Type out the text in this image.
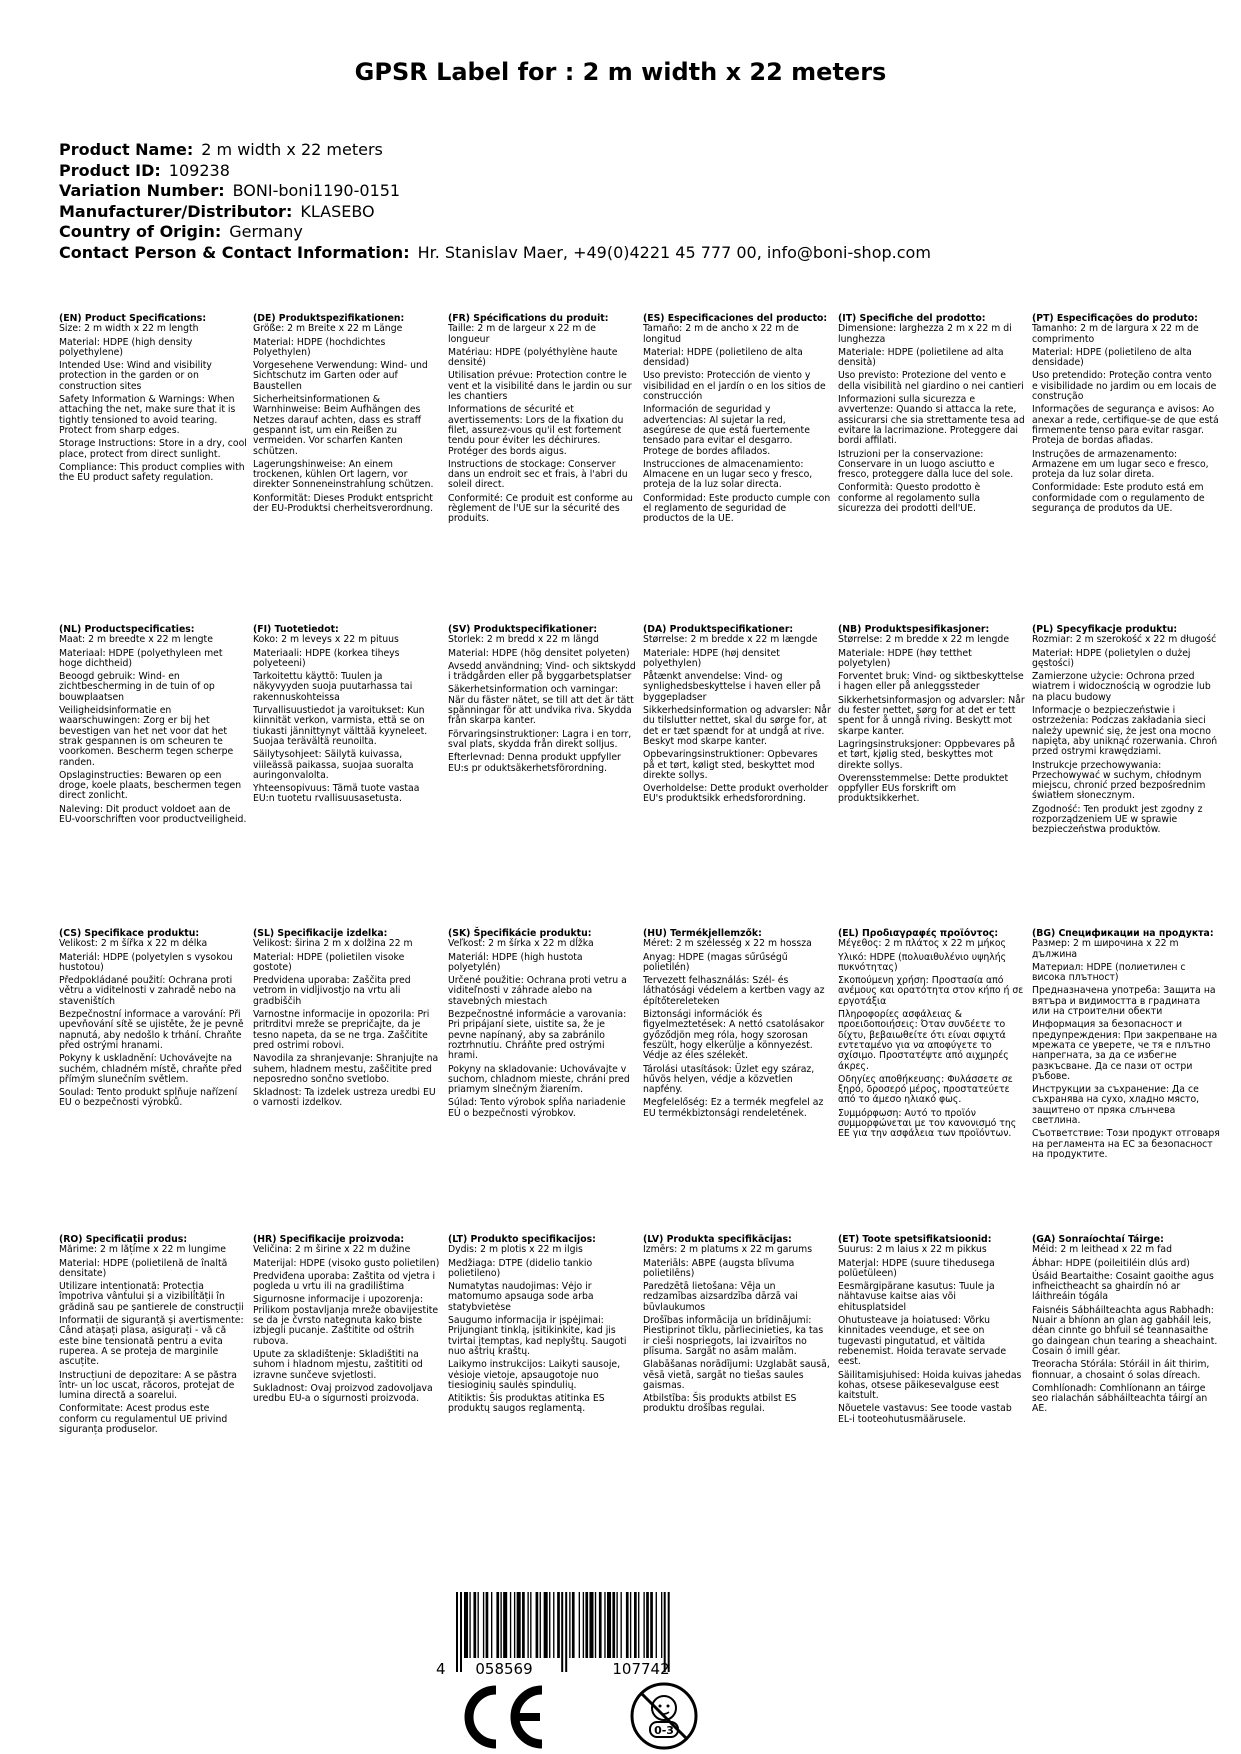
GPSR Label for : 2 m width x 22 meters
Product Name: 2 m width x 22 meters
Product ID: 109238
Variation Number: BONI-boni1190-0151
Manufacturer/Distributor: KLASEBO
Country of Origin: Germany
Contact Person & Contact Information: Hr. Stanislav Maer, +49(0)4221 45 777 00, info@boni-shop.com
(EN) Product Specifications:
Size: 2 m width x 22 m length
Material: HDPE (high density polyethylene)
Intended Use: Wind and visibility protection in the garden or on construction sites
Safety Information & Warnings: When attaching the net, make sure that it is tightly tensioned to avoid tearing. Protect from sharp edges.
Storage Instructions: Store in a dry, cool place, protect from direct sunlight.
Compliance: This product complies with the EU product safety regulation.
(DE) Produktspezifikationen:
Größe: 2 m Breite x 22 m Länge
Material: HDPE (hochdichtes Polyethylen)
Vorgesehene Verwendung: Wind- und Sichtschutz im Garten oder auf Baustellen
Sicherheitsinformationen & Warnhinweise: Beim Aufhängen des Netzes darauf achten, dass es straff gespannt ist, um ein Reißen zu vermeiden. Vor scharfen Kanten schützen.
Lagerungshinweise: An einem trockenen, kühlen Ort lagern, vor direkter Sonneneinstrahlung schützen.
Konformität: Dieses Produkt entspricht der EU-Produktsi cherheitsverordnung.
(FR) Spécifications du produit:
Taille: 2 m de largeur x 22 m de longueur
Matériau: HDPE (polyéthylène haute densité)
Utilisation prévue: Protection contre le vent et la visibilité dans le jardin ou sur les chantiers
Informations de sécurité et avertissements: Lors de la fixation du filet, assurez-vous qu'il est fortement tendu pour éviter les déchirures. Protéger des bords aigus.
Instructions de stockage: Conserver dans un endroit sec et frais, à l'abri du soleil direct.
Conformité: Ce produit est conforme au règlement de l'UE sur la sécurité des produits.
(ES) Especificaciones del producto:
Tamaño: 2 m de ancho x 22 m de longitud
Material: HDPE (polietileno de alta densidad)
Uso previsto: Protección de viento y visibilidad en el jardín o en los sitios de construcción
Información de seguridad y advertencias: Al sujetar la red, asegúrese de que está fuertemente tensado para evitar el desgarro. Protege de bordes afilados.
Instrucciones de almacenamiento: Almacene en un lugar seco y fresco, proteja de la luz solar directa.
Conformidad: Este producto cumple con el reglamento de seguridad de productos de la UE.
(IT) Specifiche del prodotto:
Dimensione: larghezza 2 m x 22 m di lunghezza
Materiale: HDPE (polietilene ad alta densità)
Uso previsto: Protezione del vento e della visibilità nel giardino o nei cantieri
Informazioni sulla sicurezza e avvertenze: Quando si attacca la rete, assicurarsi che sia strettamente tesa ad evitare la lacrimazione. Proteggere dai bordi affilati.
Istruzioni per la conservazione: Conservare in un luogo asciutto e fresco, proteggere dalla luce del sole.
Conformità: Questo prodotto è conforme al regolamento sulla sicurezza dei prodotti dell'UE.
(PT) Especificações do produto:
Tamanho: 2 m de largura x 22 m de comprimento
Material: HDPE (polietileno de alta densidade)
Uso pretendido: Proteção contra vento e visibilidade no jardim ou em locais de construção
Informações de segurança e avisos: Ao anexar a rede, certifique-se de que está firmemente tenso para evitar rasgar. Proteja de bordas afiadas.
Instruções de armazenamento: Armazene em um lugar seco e fresco, proteja da luz solar direta.
Conformidade: Este produto está em conformidade com o regulamento de segurança de produtos da UE.
(NL) Productspecificaties:
Maat: 2 m breedte x 22 m lengte
Materiaal: HDPE (polyethyleen met hoge dichtheid)
Beoogd gebruik: Wind- en zichtbescherming in de tuin of op bouwplaatsen
Veiligheidsinformatie en waarschuwingen: Zorg er bij het bevestigen van het net voor dat het strak gespannen is om scheuren te voorkomen. Bescherm tegen scherpe randen.
Opslaginstructies: Bewaren op een droge, koele plaats, beschermen tegen direct zonlicht.
Naleving: Dit product voldoet aan de EU-voorschriften voor productveiligheid.
(FI) Tuotetiedot:
Koko: 2 m leveys x 22 m pituus
Materiaali: HDPE (korkea tiheys polyeteeni)
Tarkoitettu käyttö: Tuulen ja näkyvyyden suoja puutarhassa tai rakennuskohteissa
Turvallisuustiedot ja varoitukset: Kun kiinnität verkon, varmista, että se on tiukasti jännittynyt välttää kyyneleet. Suojaa terävältä reunoilta.
Säilytysohjeet: Säilytä kuivassa, viileässä paikassa, suojaa suoralta auringonvalolta.
Yhteensopivuus: Tämä tuote vastaa EU:n tuotetu rvallisuusasetusta.
(SV) Produktspecifikationer:
Storlek: 2 m bredd x 22 m längd
Material: HDPE (hög densitet polyeten)
Avsedd användning: Vind- och siktskydd i trädgården eller på byggarbetsplatser
Säkerhetsinformation och varningar: När du fäster nätet, se till att det är tätt spänningar för att undvika riva. Skydda från skarpa kanter.
Förvaringsinstruktioner: Lagra i en torr, sval plats, skydda från direkt solljus.
Efterlevnad: Denna produkt uppfyller EU:s pr oduktsäkerhetsförordning.
(DA) Produktspecifikationer:
Størrelse: 2 m bredde x 22 m længde
Materiale: HDPE (høj densitet polyethylen)
Påtænkt anvendelse: Vind- og synlighedsbeskyttelse i haven eller på byggepladser
Sikkerhedsinformation og advarsler: Når du tilslutter nettet, skal du sørge for, at det er tæt spændt for at undgå at rive. Beskyt mod skarpe kanter.
Opbevaringsinstruktioner: Opbevares på et tørt, køligt sted, beskyttet mod direkte sollys.
Overholdelse: Dette produkt overholder EU's produktsikk erhedsforordning.
(NB) Produktspesifikasjoner:
Størrelse: 2 m bredde x 22 m lengde
Materiale: HDPE (høy tetthet polyetylen)
Forventet bruk: Vind- og siktbeskyttelse i hagen eller på anleggssteder
Sikkerhetsinformasjon og advarsler: Når du fester nettet, sørg for at det er tett spent for å unngå riving. Beskytt mot skarpe kanter.
Lagringsinstruksjoner: Oppbevares på et tørt, kjølig sted, beskyttes mot direkte sollys.
Overensstemmelse: Dette produktet oppfyller EUs forskrift om produktsikkerhet.
(PL) Specyfikacje produktu:
Rozmiar: 2 m szerokość x 22 m długość
Materiał: HDPE (polietylen o dużej gęstości)
Zamierzone użycie: Ochrona przed wiatrem i widocznością w ogrodzie lub na placu budowy
Informacje o bezpieczeństwie i ostrzeżenia: Podczas zakładania sieci należy upewnić się, że jest ona mocno napięta, aby uniknąć rozerwania. Chroń przed ostrymi krawędziami.
Instrukcje przechowywania: Przechowywać w suchym, chłodnym miejscu, chronić przed bezpośrednim światłem słonecznym.
Zgodność: Ten produkt jest zgodny z rozporządzeniem UE w sprawie bezpieczeństwa produktów.
(CS) Specifikace produktu:
Velikost: 2 m šířka x 22 m délka
Materiál: HDPE (polyetylen s vysokou hustotou)
Předpokládané použití: Ochrana proti větru a viditelnosti v zahradě nebo na staveništích
Bezpečnostní informace a varování: Při upevňování sítě se ujistěte, že je pevně napnutá, aby nedošlo k trhání. Chraňte před ostrými hranami.
Pokyny k uskladnění: Uchovávejte na suchém, chladném místě, chraňte před přímým slunečním světlem.
Soulad: Tento produkt splňuje nařízení EU o bezpečnosti výrobků.
(SL) Specifikacije izdelka:
Velikost: širina 2 m x dolžina 22 m
Material: HDPE (polietilen visoke gostote)
Predvidena uporaba: Zaščita pred vetrom in vidljivostjo na vrtu ali gradbiščih
Varnostne informacije in opozorila: Pri pritrditvi mreže se prepričajte, da je tesno napeta, da se ne trga. Zaščitite pred ostrimi robovi.
Navodila za shranjevanje: Shranjujte na suhem, hladnem mestu, zaščitite pred neposredno sončno svetlobo.
Skladnost: Ta izdelek ustreza uredbi EU o varnosti izdelkov.
(SK) Špecifikácie produktu:
Veľkosť: 2 m šírka x 22 m dĺžka
Materiál: HDPE (high hustota polyetylén)
Určené použitie: Ochrana proti vetru a viditeľnosti v záhrade alebo na stavebných miestach
Bezpečnostné informácie a varovania: Pri pripájaní siete, uistite sa, že je pevne napínaný, aby sa zabránilo roztrhnutiu. Chráňte pred ostrými hrami.
Pokyny na skladovanie: Uchovávajte v suchom, chladnom mieste, chráni pred priamym slnečným žiarením.
Súlad: Tento výrobok spĺňa nariadenie EÚ o bezpečnosti výrobkov.
(HU) Termékjellemzők:
Méret: 2 m szélesség x 22 m hossza
Anyag: HDPE (magas sűrűségű polietilén)
Tervezett felhasználás: Szél- és láthatósági védelem a kertben vagy az építőtereleteken
Biztonsági információk és figyelmeztetések: A nettó csatolásakor győződjön meg róla, hogy szorosan feszült, hogy elkerülje a könnyezést. Védje az éles szélekét.
Tárolási utasítások: Üzlet egy száraz, hűvös helyen, védje a közvetlen napfény.
Megfelelőség: Ez a termék megfelel az EU termékbiztonsági rendeletének.
(EL) Προδιαγραφές προϊόντος:
Μέγεθος: 2 m πλάτος x 22 m μήκος
Υλικό: HDPE (πολυαιθυλένιο υψηλής πυκνότητας)
Σκοπούμενη χρήση: Προστασία από ανέμους και ορατότητα στον κήπο ή σε εργοτάξια
Πληροφορίες ασφάλειας & προειδοποιήσεις: Όταν συνδέετε το δίχτυ, βεβαιωθείτε ότι είναι σφιχτά εντεταμένο για να αποφύγετε το σχίσιμο. Προστατέψτε από αιχμηρές άκρες.
Οδηγίες αποθήκευσης: Φυλάσσετε σε ξηρό, δροσερό μέρος, προστατεύετε από το άμεσο ηλιακό φως.
Συμμόρφωση: Αυτό το προϊόν συμμορφώνεται με τον κανονισμό της ΕΕ για την ασφάλεια των προϊόντων.
(BG) Спецификации на продукта:
Размер: 2 m широчина x 22 m дължина
Материал: HDPE (полиетилен с висока плътност)
Предназначена употреба: Защита на вятъра и видимостта в градината или на строителни обекти
Информация за безопасност и предупреждения: При закрепване на мрежата се уверете, че тя е плътно напрегната, за да се избегне разкъсване. Да се пази от остри ръбове.
Инструкции за съхранение: Да се съхранява на сухо, хладно място, защитено от пряка слънчева светлина.
Съответствие: Този продукт отговаря на регламента на ЕС за безопасност на продуктите.
(RO) Specificații produs:
Mărime: 2 m lățime x 22 m lungime
Material: HDPE (polietilenă de înaltă densitate)
Utilizare intenționată: Protecția împotriva vântului și a vizibilității în grădină sau pe șantierele de construcții
Informații de siguranță și avertismente: Când atașați plasa, asigurați - vă că este bine tensionată pentru a evita ruperea. A se proteja de marginile ascuțite.
Instrucțiuni de depozitare: A se păstra într- un loc uscat, răcoros, protejat de lumina directă a soarelui.
Conformitate: Acest produs este conform cu regulamentul UE privind siguranța produselor.
(HR) Specifikacije proizvoda:
Veličina: 2 m širine x 22 m dužine
Materijal: HDPE (visoko gusto polietilen)
Predviđena uporaba: Zaštita od vjetra i pogleda u vrtu ili na gradilištima
Sigurnosne informacije i upozorenja: Prilikom postavljanja mreže obavijestite se da je čvrsto nategnuta kako biste izbjegli pucanje. Zaštitite od oštrih rubova.
Upute za skladištenje: Skladištiti na suhom i hladnom mjestu, zaštititi od izravne sunčeve svjetlosti.
Sukladnost: Ovaj proizvod zadovoljava uredbu EU-a o sigurnosti proizvoda.
(LT) Produkto specifikacijos:
Dydis: 2 m plotis x 22 m ilgis
Medžiaga: DTPE (didelio tankio polietileno)
Numatytas naudojimas: Vėjo ir matomumo apsauga sode arba statybvietėse
Saugumo informacija ir įspėjimai: Prijungiant tinklą, įsitikinkite, kad jis tvirtai įtemptas, kad neplyštų. Saugoti nuo aštrių kraštų.
Laikymo instrukcijos: Laikyti sausoje, vėsioje vietoje, apsaugotoje nuo tiesioginių saulės spindulių.
Atitiktis: Šis produktas atitinka ES produktų saugos reglamentą.
(LV) Produkta specifikācijas:
Izmērs: 2 m platums x 22 m garums
Materiāls: ABPE (augsta blīvuma polietilēns)
Paredzētā lietošana: Vēja un redzamības aizsardzība dārzā vai būvlaukumos
Drošības informācija un brīdinājumi: Piestiprinot tīklu, pārliecinieties, ka tas ir cieši nospriegots, lai izvairītos no plīsuma. Sargāt no asām malām.
Glabāšanas norādījumi: Uzglabāt sausā, vēsā vietā, sargāt no tiešas saules gaismas.
Atbilstība: Šis produkts atbilst ES produktu drošības regulai.
(ET) Toote spetsifikatsioonid:
Suurus: 2 m laius x 22 m pikkus
Materjal: HDPE (suure tihedusega polüetüleen)
Eesmärgipärane kasutus: Tuule ja nähtavuse kaitse aias või ehitusplatsidel
Ohutusteave ja hoiatused: Võrku kinnitades veenduge, et see on tugevasti pingutatud, et vältida rebenemist. Hoida teravate servade eest.
Säilitamisjuhised: Hoida kuivas jahedas kohas, otsese päikesevalguse eest kaitstult.
Nõuetele vastavus: See toode vastab EL-i tooteohutusmäärusele.
(GA) Sonraíochtaí Táirge:
Méid: 2 m leithead x 22 m fad
Ábhar: HDPE (poileitiléin dlús ard)
Úsáid Beartaithe: Cosaint gaoithe agus infheictheacht sa ghairdín nó ar láithreáin tógála
Faisnéis Sábháilteachta agus Rabhadh: Nuair a bhíonn an glan ag gabháil leis, déan cinnte go bhfuil sé teannasaithe go daingean chun tearing a sheachaint. Cosain ó imill géar.
Treoracha Stórála: Stóráil in áit thirim, fionnuar, a chosaint ó solas díreach.
Comhlíonadh: Comhlíonann an táirge seo rialachán sábháilteachta táirgí an AE.
4 058569	107742
0-3
